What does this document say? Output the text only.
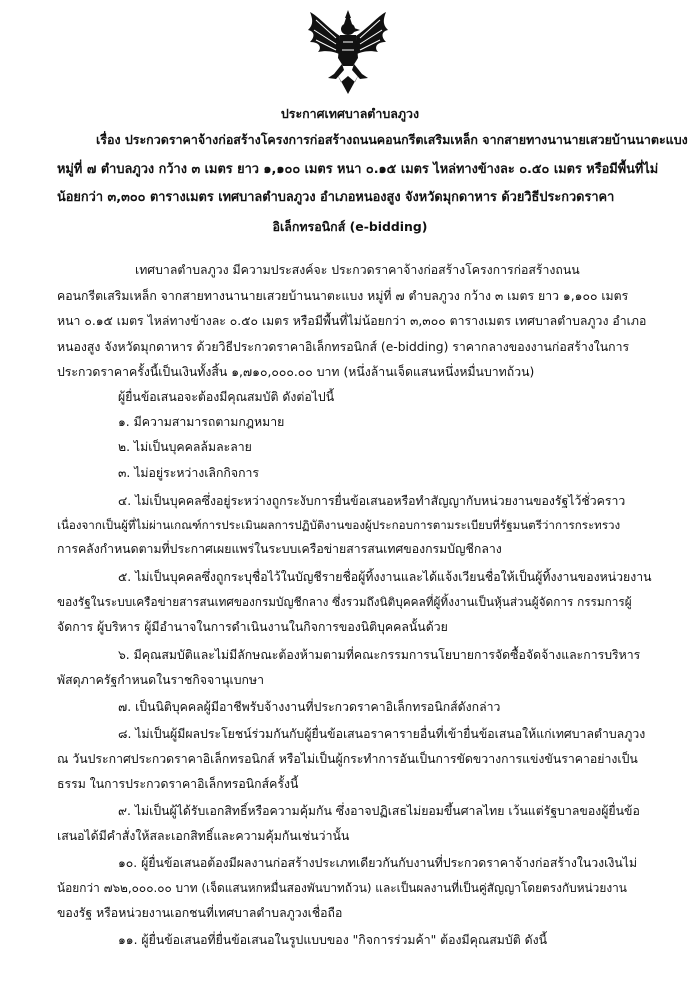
ประกาศเทศบาลตำบลภูวง
เรื่อง ประกวดราคาจ้างก่อสร้างโครงการก่อสร้างถนนคอนกรีตเสริมเหล็ก จากสายทางนานายเสวยบ้านนาตะแบง
หมู่ที่ ๗ ตำบลภูวง กว้าง ๓ เมตร ยาว ๑,๑๐๐ เมตร หนา ๐.๑๕ เมตร ไหล่ทางข้างละ ๐.๕๐ เมตร หรือมีพื้นที่ไม่
น้อยกว่า ๓,๓๐๐ ตารางเมตร เทศบาลตำบลภูวง อำเภอหนองสูง จังหวัดมุกดาหาร ด้วยวิธีประกวดราคา
อิเล็กทรอนิกส์ (e-bidding)
เทศบาลตำบลภูวง มีความประสงค์จะ ประกวดราคาจ้างก่อสร้างโครงการก่อสร้างถนน
คอนกรีตเสริมเหล็ก จากสายทางนานายเสวยบ้านนาตะแบง หมู่ที่ ๗ ตำบลภูวง กว้าง ๓ เมตร ยาว ๑,๑๐๐ เมตร
หนา ๐.๑๕ เมตร ไหล่ทางข้างละ ๐.๕๐ เมตร หรือมีพื้นที่ไม่น้อยกว่า ๓,๓๐๐ ตารางเมตร เทศบาลตำบลภูวง อำเภอ
หนองสูง จังหวัดมุกดาหาร ด้วยวิธีประกวดราคาอิเล็กทรอนิกส์ (e-bidding) ราคากลางของงานก่อสร้างในการ
ประกวดราคาครั้งนี้เป็นเงินทั้งสิ้น ๑,๗๑๐,๐๐๐.๐๐ บาท (หนึ่งล้านเจ็ดแสนหนึ่งหมื่นบาทถ้วน)
ผู้ยื่นข้อเสนอจะต้องมีคุณสมบัติ ดังต่อไปนี้
๑. มีความสามารถตามกฎหมาย
๒. ไม่เป็นบุคคลล้มละลาย
๓. ไม่อยู่ระหว่างเลิกกิจการ
๔. ไม่เป็นบุคคลซึ่งอยู่ระหว่างถูกระงับการยื่นข้อเสนอหรือทำสัญญากับหน่วยงานของรัฐไว้ชั่วคราว
เนื่องจากเป็นผู้ที่ไม่ผ่านเกณฑ์การประเมินผลการปฏิบัติงานของผู้ประกอบการตามระเบียบที่รัฐมนตรีว่าการกระทรวง
การคลังกำหนดตามที่ประกาศเผยแพร่ในระบบเครือข่ายสารสนเทศของกรมบัญชีกลาง
๕. ไม่เป็นบุคคลซึ่งถูกระบุชื่อไว้ในบัญชีรายชื่อผู้ทิ้งงานและได้แจ้งเวียนชื่อให้เป็นผู้ทิ้งงานของหน่วยงาน
ของรัฐในระบบเครือข่ายสารสนเทศของกรมบัญชีกลาง ซึ่งรวมถึงนิติบุคคลที่ผู้ทิ้งงานเป็นหุ้นส่วนผู้จัดการ กรรมการผู้
จัดการ ผู้บริหาร ผู้มีอำนาจในการดำเนินงานในกิจการของนิติบุคคลนั้นด้วย
๖. มีคุณสมบัติและไม่มีลักษณะต้องห้ามตามที่คณะกรรมการนโยบายการจัดซื้อจัดจ้างและการบริหาร
พัสดุภาครัฐกำหนดในราชกิจจานุเบกษา
๗. เป็นนิติบุคคลผู้มีอาชีพรับจ้างงานที่ประกวดราคาอิเล็กทรอนิกส์ดังกล่าว
๘. ไม่เป็นผู้มีผลประโยชน์ร่วมกันกับผู้ยื่นข้อเสนอราคารายอื่นที่เข้ายื่นข้อเสนอให้แก่เทศบาลตำบลภูวง
ณ วันประกาศประกวดราคาอิเล็กทรอนิกส์ หรือไม่เป็นผู้กระทำการอันเป็นการขัดขวางการแข่งขันราคาอย่างเป็น
ธรรม ในการประกวดราคาอิเล็กทรอนิกส์ครั้งนี้
๙. ไม่เป็นผู้ได้รับเอกสิทธิ์หรือความคุ้มกัน ซึ่งอาจปฏิเสธไม่ยอมขึ้นศาลไทย เว้นแต่รัฐบาลของผู้ยื่นข้อ
เสนอได้มีคำสั่งให้สละเอกสิทธิ์และความคุ้มกันเช่นว่านั้น
๑๐. ผู้ยื่นข้อเสนอต้องมีผลงานก่อสร้างประเภทเดียวกันกับงานที่ประกวดราคาจ้างก่อสร้างในวงเงินไม่
น้อยกว่า ๗๖๒,๐๐๐.๐๐ บาท (เจ็ดแสนหกหมื่นสองพันบาทถ้วน) และเป็นผลงานที่เป็นคู่สัญญาโดยตรงกับหน่วยงาน
ของรัฐ หรือหน่วยงานเอกชนที่เทศบาลตำบลภูวงเชื่อถือ
๑๑. ผู้ยื่นข้อเสนอที่ยื่นข้อเสนอในรูปแบบของ "กิจการร่วมค้า" ต้องมีคุณสมบัติ ดังนี้
